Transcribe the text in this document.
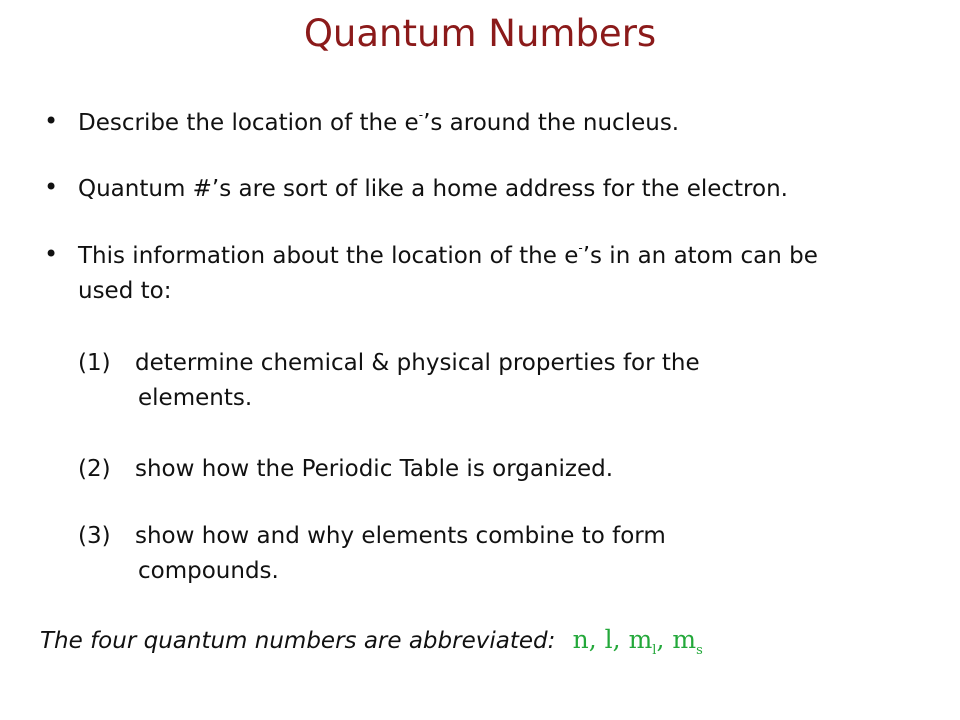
Quantum Numbers
• Describe the location of the e-’s around the nucleus.
• Quantum #’s are sort of like a home address for the electron.
• This information about the location of the e-’s in an atom can be
used to:
(1) determine chemical & physical properties for the
elements.
(2) show how the Periodic Table is organized.
(3) show how and why elements combine to form
compounds.
The four quantum numbers are abbreviated: n, l, $m_l$, $m_s$
